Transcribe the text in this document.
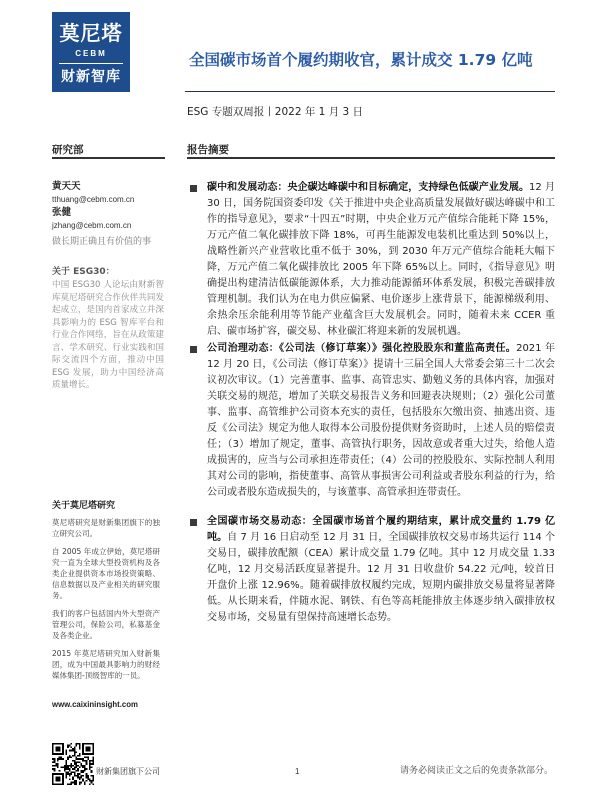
莫尼塔
CEBM
财新智库
全国碳市场首个履约期收官，累计成交 1.79 亿吨
ESG 专题双周报丨2022 年 1 月 3 日
研究部	报告摘要
黄天天
tthuang@cebm.com.cn
张健
jzhang@cebm.com.cn
做长期正确且有价值的事
关于 ESG30：
中国 ESG30 人论坛由财新智库莫尼塔研究合作伙伴共同发起成立，是国内首家成立并深具影响力的 ESG 智库平台和行业合作网络，旨在从政策建言、学术研究、行业实践和国际交流四个方面，推动中国 ESG 发展，助力中国经济高质量增长。
关于莫尼塔研究

莫尼塔研究是财新集团旗下的独立研究公司。

自 2005 年成立伊始，莫尼塔研究一直为全球大型投资机构及各类企业提供资本市场投资策略、信息数据以及产业相关的研究服务。

我们的客户包括国内外大型资产管理公司，保险公司，私募基金及各类企业。

2015 年莫尼塔研究加入财新集团，成为中国最具影响力的财经媒体集团-顶级智库的一员。

www.caixininsight.com

碳中和发展动态：央企碳达峰碳中和目标确定，支持绿色低碳产业发展。12 月 30 日，国务院国资委印发《关于推进中央企业高质量发展做好碳达峰碳中和工作的指导意见》，要求“十四五”时期，中央企业万元产值综合能耗下降 15%，万元产值二氧化碳排放下降 18%，可再生能源发电装机比重达到 50%以上，战略性新兴产业营收比重不低于 30%，到 2030 年万元产值综合能耗大幅下降，万元产值二氧化碳排放比 2005 年下降 65%以上。同时，《指导意见》明确提出构建清洁低碳能源体系，大力推动能源循环体系发展，积极完善碳排放管理机制。我们认为在电力供应偏紧、电价逐步上涨背景下，能源梯级利用、余热余压余能利用等节能产业蕴含巨大发展机会。同时，随着未来 CCER 重启、碳市场扩容，碳交易、林业碳汇将迎来新的发展机遇。

公司治理动态：《公司法（修订草案）》强化控股股东和董监高责任。2021 年 12 月 20 日，《公司法（修订草案）》提请十三届全国人大常委会第三十二次会议初次审议。（1）完善董事、监事、高管忠实、勤勉义务的具体内容，加强对关联交易的规范，增加了关联交易报告义务和回避表决规则；（2）强化公司董事、监事、高管维护公司资本充实的责任，包括股东欠缴出资、抽逃出资、违反《公司法》规定为他人取得本公司股份提供财务资助时，上述人员的赔偿责任；（3）增加了规定，董事、高管执行职务，因故意或者重大过失，给他人造成损害的，应当与公司承担连带责任；（4）公司的控股股东、实际控制人利用其对公司的影响，指使董事、高管从事损害公司利益或者股东利益的行为，给公司或者股东造成损失的，与该董事、高管承担连带责任。

全国碳市场交易动态：全国碳市场首个履约期结束，累计成交量约 1.79 亿吨。自 7 月 16 日启动至 12 月 31 日，全国碳排放权交易市场共运行 114 个交易日，碳排放配额（CEA）累计成交量 1.79 亿吨。其中 12 月成交量 1.33 亿吨，12 月交易活跃度显著提升。12 月 31 日收盘价 54.22 元/吨，较首日开盘价上涨 12.96%。随着碳排放权履约完成，短期内碳排放交易量将显著降低。从长期来看，伴随水泥、钢铁、有色等高耗能排放主体逐步纳入碳排放权交易市场，交易量有望保持高速增长态势。

财新集团旗下公司	1	请务必阅读正文之后的免责条款部分。
